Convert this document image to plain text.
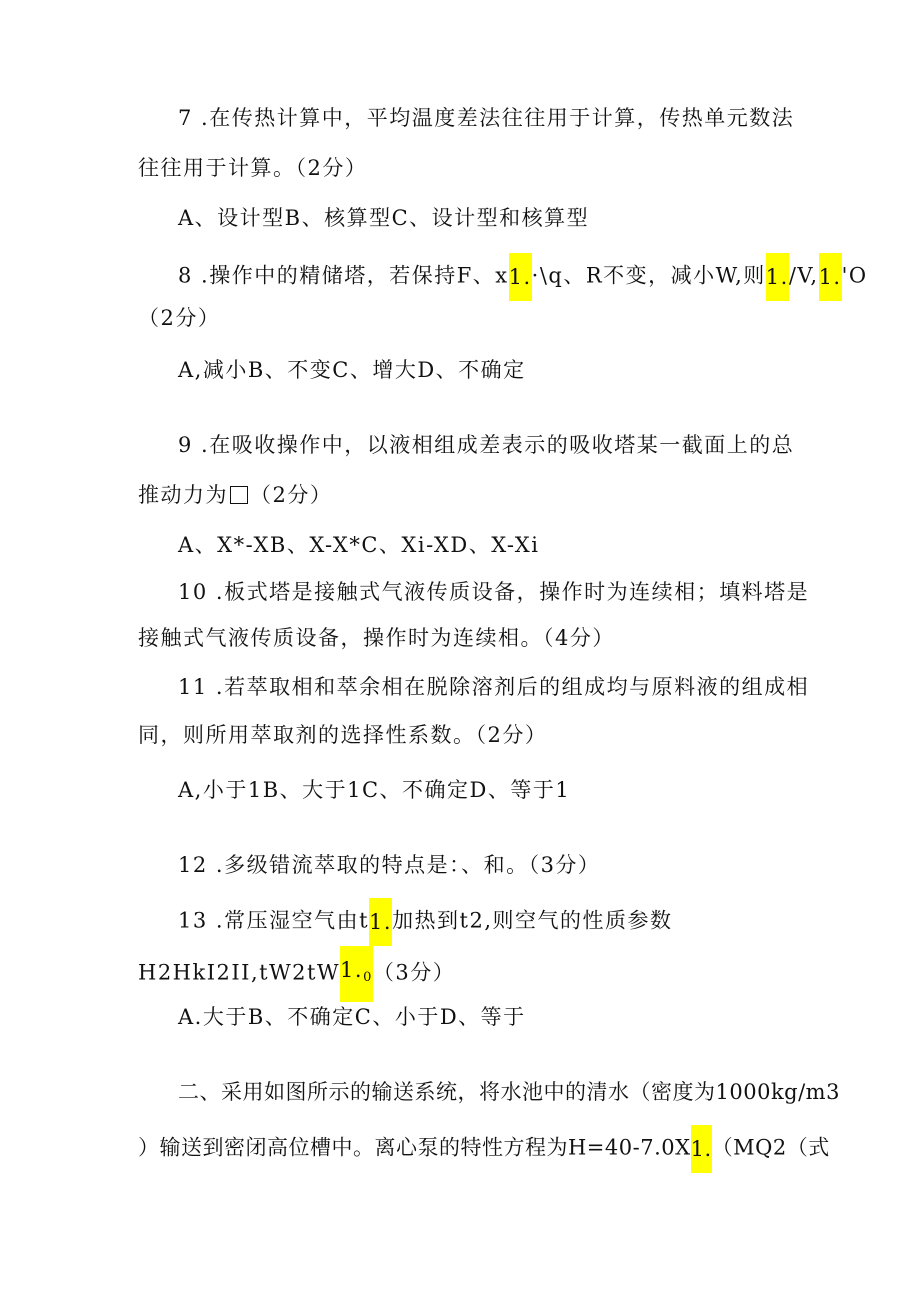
7 .在传热计算中，平均温度差法往往用于计算，传热单元数法
往往用于计算。（2分）
A、设计型B、核算型C、设计型和核算型
8 .操作中的精储塔，若保持F、x1.·\q、R不变，减小W,则1./V,1.'O
（2分）
A,减小B、不变C、增大D、不确定
9 .在吸收操作中，以液相组成差表示的吸收塔某一截面上的总
推动力为 （2分）
A、X*-XB、X-X*C、Xi-XD、X-Xi
10 .板式塔是接触式气液传质设备，操作时为连续相；填料塔是
接触式气液传质设备，操作时为连续相。（4分）
11 .若萃取相和萃余相在脱除溶剂后的组成均与原料液的组成相
同，则所用萃取剂的选择性系数。（2分）
A,小于1B、大于1C、不确定D、等于1
12 .多级错流萃取的特点是：、和。（3分）
13 .常压湿空气由t1.加热到t2,则空气的性质参数
$H2HkI2II,tW2tW1._0(3$分）
A.大于B、不确定C、小于D、等于
二、采用如图所示的输送系统，将水池中的清水（密度为1000kg/m3
）输送到密闭高位槽中。离心泵的特性方程为H=40-7.0X1.（MQ2（式
